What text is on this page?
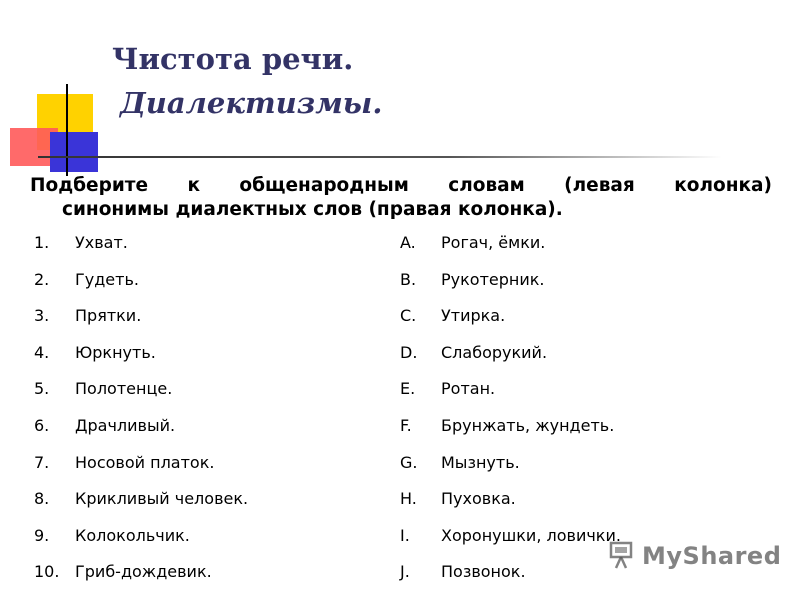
Чистота речи.
Диалектизмы.
Подберите к общенародным словам (левая колонка)
синонимы диалектных слов (правая колонка).
1. Ухват.
2. Гудеть.
3. Прятки.
4. Юркнуть.
5. Полотенце.
6. Драчливый.
7. Носовой платок.
8. Крикливый человек.
9. Колокольчик.
10. Гриб-дождевик.
A. Рогач, ёмки.
B. Рукотерник.
C. Утирка.
D. Слаборукий.
E. Ротан.
F. Брунжать, жундеть.
G. Мызнуть.
H. Пуховка.
I. Хоронушки, ловички.
J. Позвонок.
MyShared
